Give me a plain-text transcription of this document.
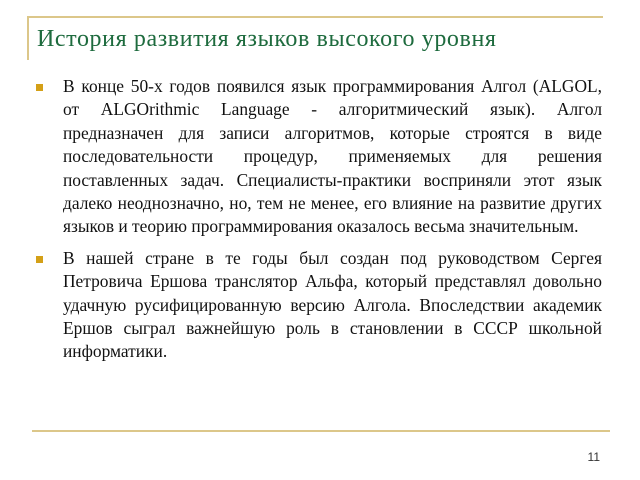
История развития языков высокого уровня
В конце 50-х годов появился язык программирования Алгол (ALGOL, от ALGOrithmic Language - алгоритмический язык). Алгол предназначен для записи алгоритмов, которые строятся в виде последовательности процедур, применяемых для решения поставленных задач. Специалисты-практики восприняли этот язык далеко неоднозначно, но, тем не менее, его влияние на развитие других языков и теорию программирования оказалось весьма значительным.
В нашей стране в те годы был создан под руководством Сергея Петровича Ершова транслятор Альфа, который представлял довольно удачную русифицированную версию Алгола. Впоследствии академик Ершов сыграл важнейшую роль в становлении в СССР школьной информатики.
11
